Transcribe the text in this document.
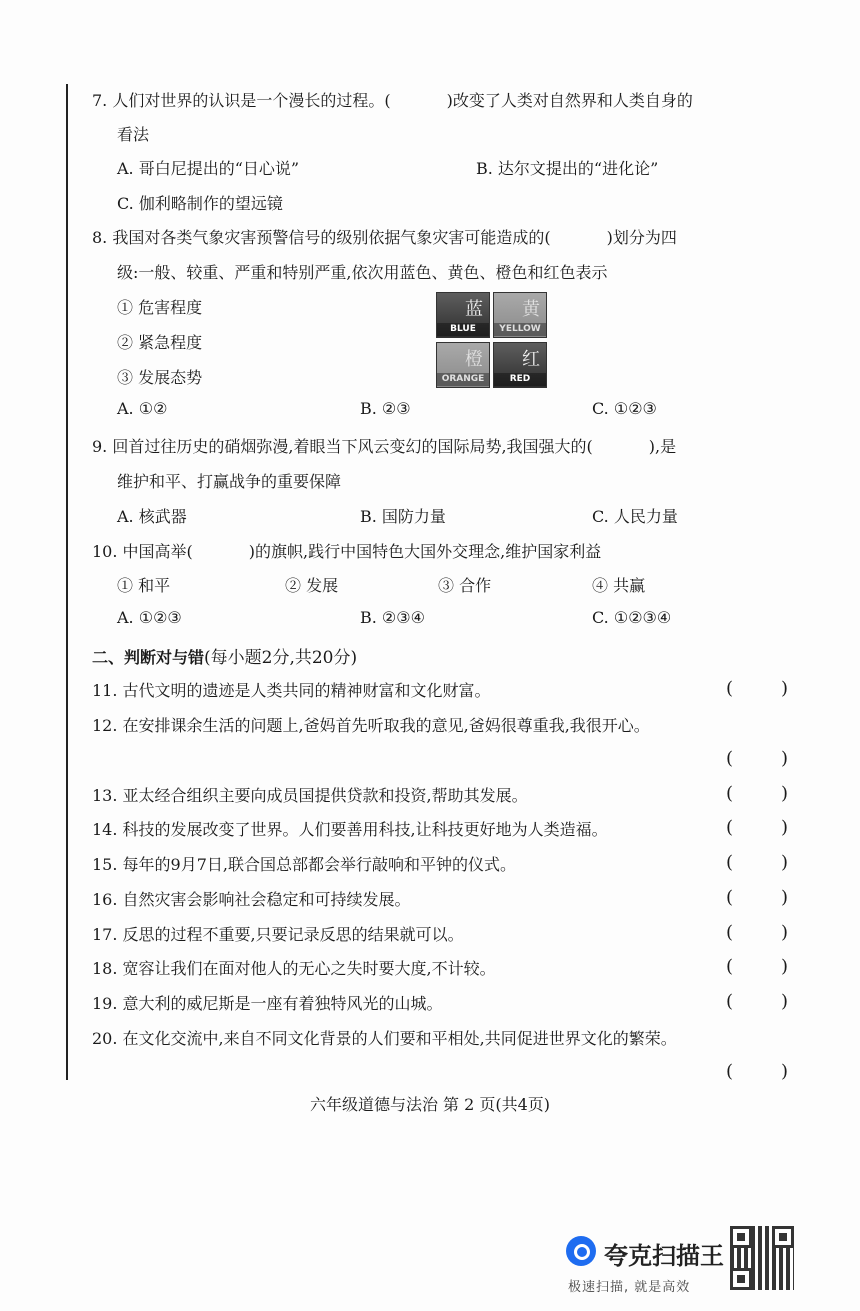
7. 人们对世界的认识是一个漫长的过程。(	)改变了人类对自然界和人类自身的
看法
A. 哥白尼提出的“日心说”	B. 达尔文提出的“进化论”
C. 伽利略制作的望远镜
8. 我国对各类气象灾害预警信号的级别依据气象灾害可能造成的(	)划分为四
级:一般、较重、严重和特别严重,依次用蓝色、黄色、橙色和红色表示
① 危害程度
② 紧急程度
③ 发展态势
蓝
BLUE
黄
YELLOW
橙
ORANGE
红
RED
A. ①②	B. ②③	C. ①②③
9. 回首过往历史的硝烟弥漫,着眼当下风云变幻的国际局势,我国强大的(	),是
维护和平、打赢战争的重要保障
A. 核武器	B. 国防力量	C. 人民力量
10. 中国高举(	)的旗帜,践行中国特色大国外交理念,维护国家利益
① 和平	② 发展	③ 合作	④ 共赢
A. ①②③	B. ②③④	C. ①②③④
二、判断对与错(每小题2分,共20分)
11. 古代文明的遗迹是人类共同的精神财富和文化财富。	(	)
12. 在安排课余生活的问题上,爸妈首先听取我的意见,爸妈很尊重我,我很开心。
(	)
13. 亚太经合组织主要向成员国提供贷款和投资,帮助其发展。	(	)
14. 科技的发展改变了世界。人们要善用科技,让科技更好地为人类造福。	(	)
15. 每年的9月7日,联合国总部都会举行敲响和平钟的仪式。	(	)
16. 自然灾害会影响社会稳定和可持续发展。	(	)
17. 反思的过程不重要,只要记录反思的结果就可以。	(	)
18. 宽容让我们在面对他人的无心之失时要大度,不计较。	(	)
19. 意大利的威尼斯是一座有着独特风光的山城。	(	)
20. 在文化交流中,来自不同文化背景的人们要和平相处,共同促进世界文化的繁荣。
(	)
六年级道德与法治 第 2 页(共4页)
夸克扫描王
极速扫描, 就是高效
